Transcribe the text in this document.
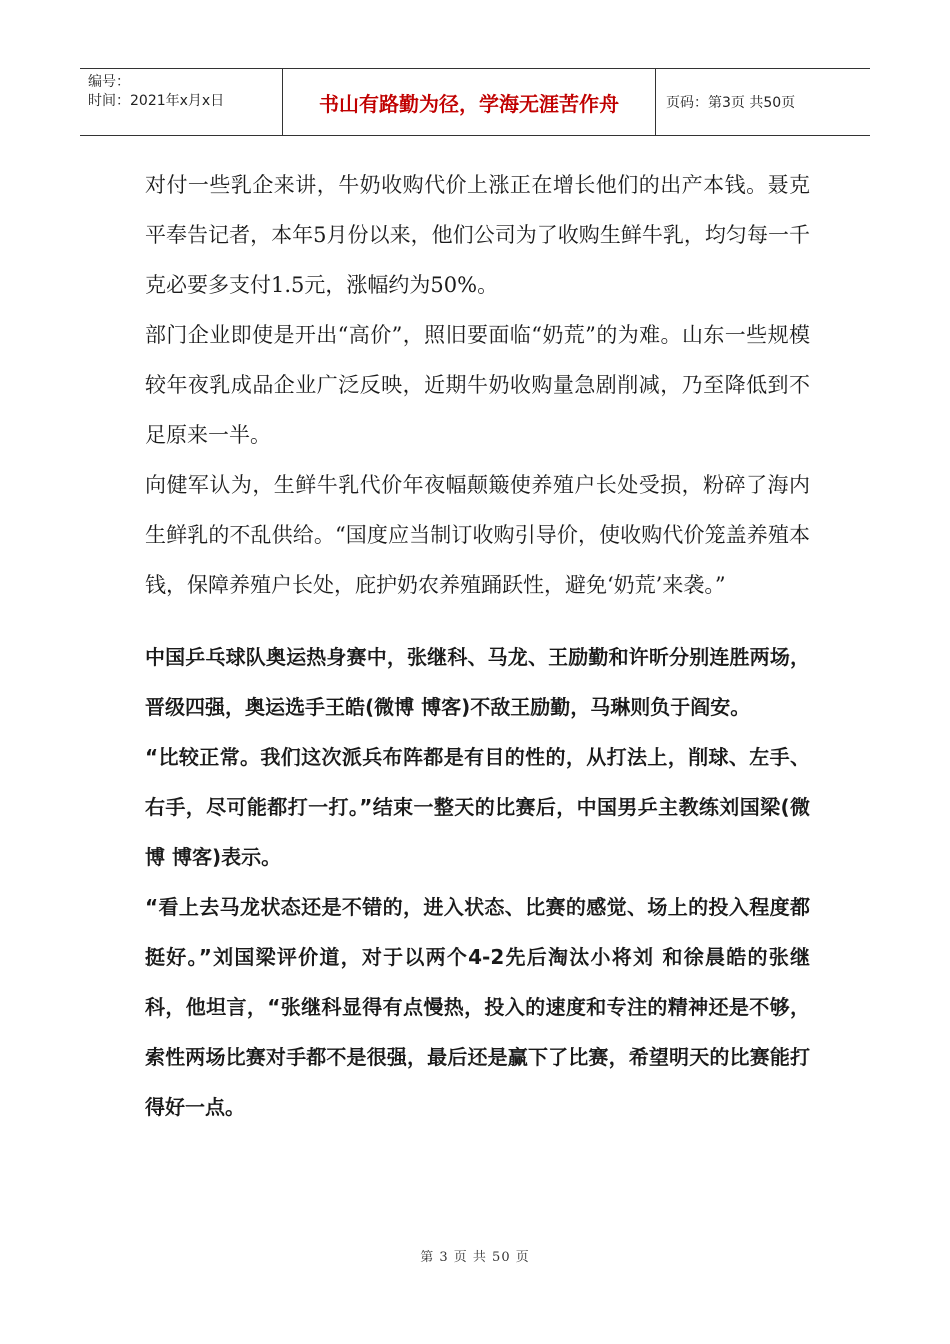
编号：
时间：2021年x月x日	书山有路勤为径，学海无涯苦作舟	页码：第3页 共50页

对付一些乳企来讲，牛奶收购代价上涨正在增长他们的出产本钱。聂克平奉告记者，本年5月份以来，他们公司为了收购生鲜牛乳，均匀每一千克必要多支付1.5元，涨幅约为50%。

部门企业即使是开出“高价”，照旧要面临“奶荒”的为难。山东一些规模较年夜乳成品企业广泛反映，近期牛奶收购量急剧削减，乃至降低到不足原来一半。

向健军认为，生鲜牛乳代价年夜幅颠簸使养殖户长处受损，粉碎了海内生鲜乳的不乱供给。“国度应当制订收购引导价，使收购代价笼盖养殖本钱，保障养殖户长处，庇护奶农养殖踊跃性，避免‘奶荒’来袭。”

中国乒乓球队奥运热身赛中，张继科、马龙、王励勤和许昕分别连胜两场，晋级四强，奥运选手王皓(微博 博客)不敌王励勤，马琳则负于阎安。

“比较正常。我们这次派兵布阵都是有目的性的，从打法上，削球、左手、右手，尽可能都打一打。”结束一整天的比赛后，中国男乒主教练刘国梁(微博 博客)表示。

“看上去马龙状态还是不错的，进入状态、比赛的感觉、场上的投入程度都挺好。”刘国梁评价道，对于以两个4-2先后淘汰小将刘 和徐晨皓的张继科，他坦言，“张继科显得有点慢热，投入的速度和专注的精神还是不够，索性两场比赛对手都不是很强，最后还是赢下了比赛，希望明天的比赛能打得好一点。

第 3 页 共 50 页
